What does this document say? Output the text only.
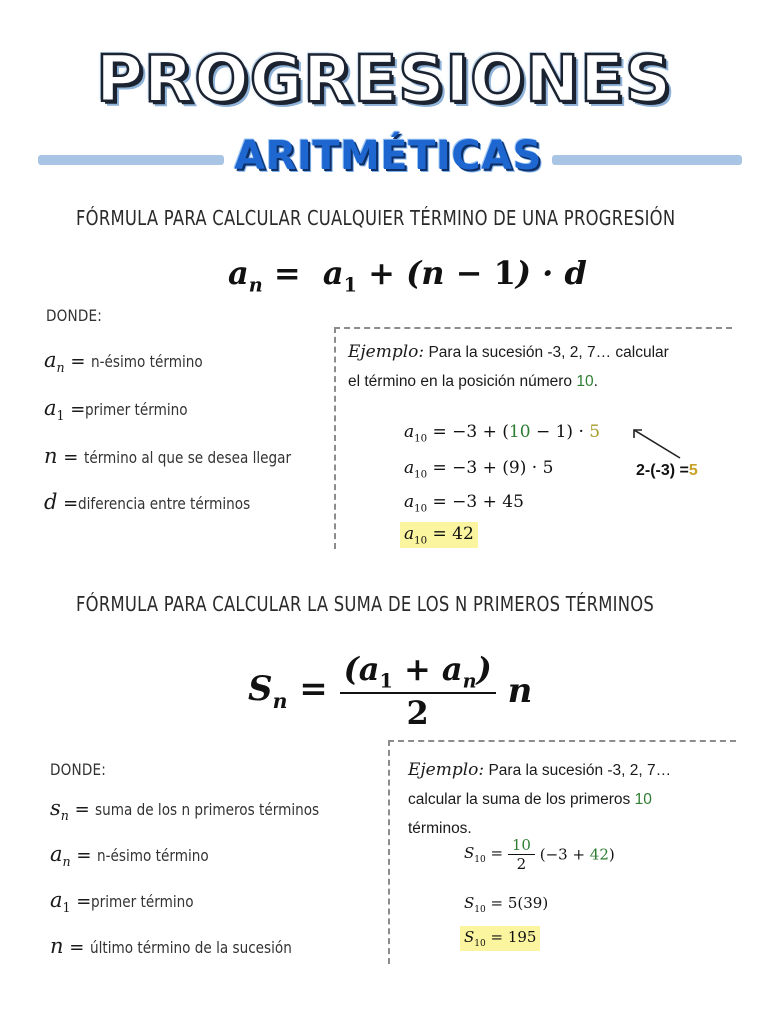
PROGRESIONES
ARITMÉTICAS
FÓRMULA PARA CALCULAR CUALQUIER TÉRMINO DE UNA PROGRESIÓN
$a_n = a_1 + (n - 1) \cdot d$
DONDE:
$a_n$ = n-ésimo término
$a_1$ =primer término
n = término al que se desea llegar
d =diferencia entre términos
Ejemplo: Para la sucesión -3, 2, 7… calcular
el término en la posición número 10.
$a_{10} = -3 + (10 - 1) \cdot 5$
$a_{10} = -3 + (9) \cdot 5$
$a_{10} = -3 + 45$
$a_{10} = 42$
2-(-3) =5
FÓRMULA PARA CALCULAR LA SUMA DE LOS N PRIMEROS TÉRMINOS
$S_n = \frac{(a_1 + a_n)}{2}$ n
DONDE:
$s_n$ = suma de los n primeros términos
$a_n$ = n-ésimo término
$a_1$ =primer término
n = último término de la sucesión
Ejemplo: Para la sucesión -3, 2, 7…
calcular la suma de los primeros 10
términos.
$S_{10} = \frac{10}{2} (-3 + 42)$
$S_{10} = 5(39)$
$S_{10} = 195$
